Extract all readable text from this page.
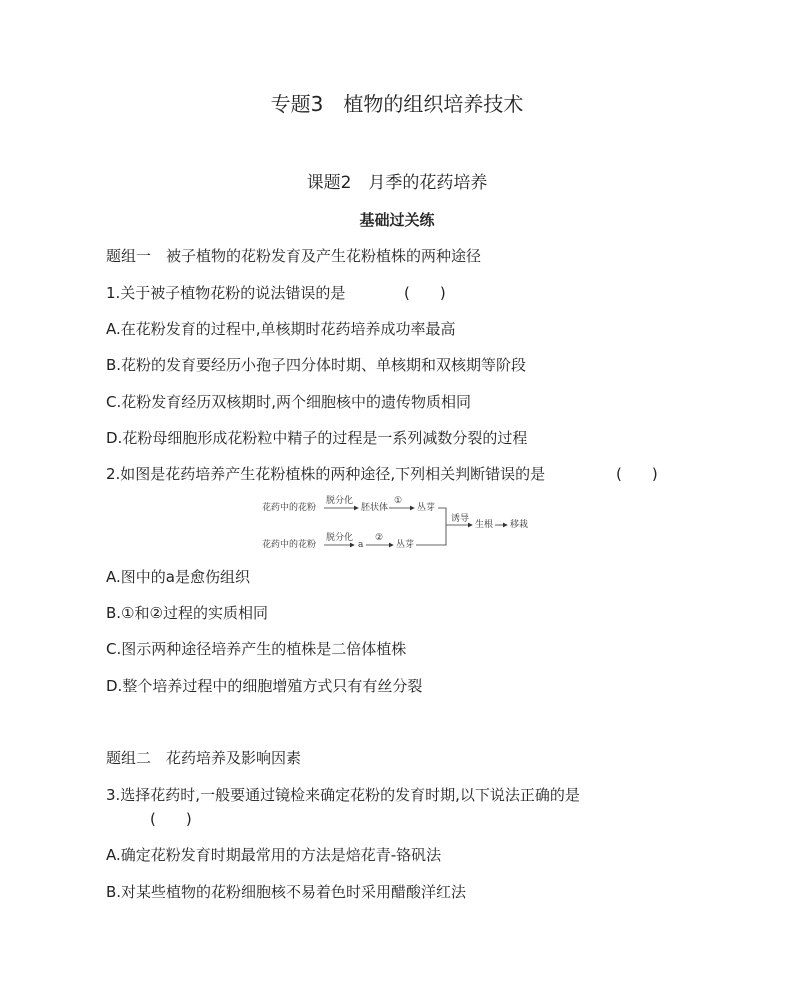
专题3　植物的组织培养技术
课题2　月季的花药培养
基础过关练
题组一　被子植物的花粉发育及产生花粉植株的两种途径
1.关于被子植物花粉的说法错误的是	(　　)
A.在花粉发育的过程中,单核期时花药培养成功率最高
B.花粉的发育要经历小孢子四分体时期、单核期和双核期等阶段
C.花粉发育经历双核期时,两个细胞核中的遗传物质相同
D.花粉母细胞形成花粉粒中精子的过程是一系列减数分裂的过程
2.如图是花药培养产生花粉植株的两种途径,下列相关判断错误的是	(　　)
花药中的花粉
脱分化
胚状体
①
丛芽
花药中的花粉
脱分化
a
②
丛芽
诱导
生根 移栽
A.图中的a是愈伤组织
B.①和②过程的实质相同
C.图示两种途径培养产生的植株是二倍体植株
D.整个培养过程中的细胞增殖方式只有有丝分裂
题组二　花药培养及影响因素
3.选择花药时,一般要通过镜检来确定花粉的发育时期,以下说法正确的是
(　　)
A.确定花粉发育时期最常用的方法是焙花青-铬矾法
B.对某些植物的花粉细胞核不易着色时采用醋酸洋红法
